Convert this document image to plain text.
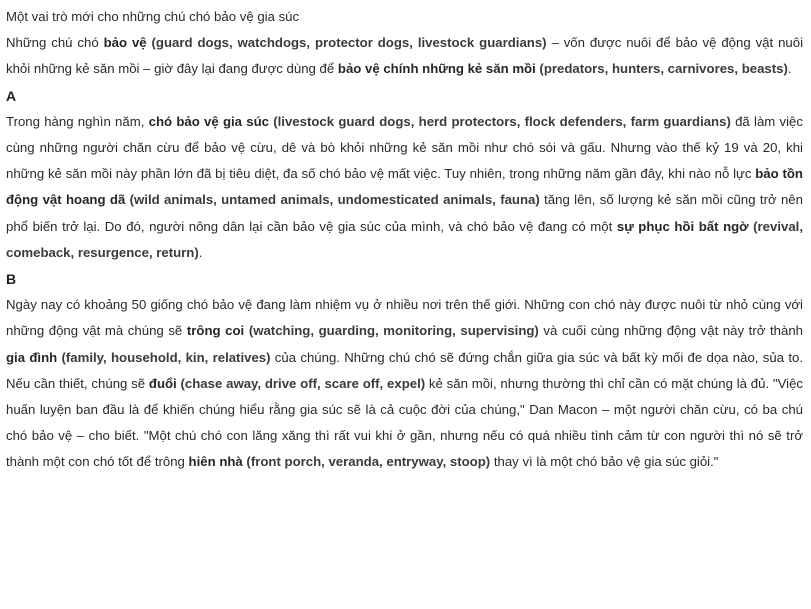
Một vai trò mới cho những chú chó bảo vệ gia súc

Những chú chó bảo vệ (guard dogs, watchdogs, protector dogs, livestock guardians) – vốn được nuôi để bảo vệ động vật nuôi khỏi những kẻ săn mồi – giờ đây lại đang được dùng để bảo vệ chính những kẻ săn mồi (predators, hunters, carnivores, beasts).

A

Trong hàng nghìn năm, chó bảo vệ gia súc (livestock guard dogs, herd protectors, flock defenders, farm guardians) đã làm việc cùng những người chăn cừu để bảo vệ cừu, dê và bò khỏi những kẻ săn mồi như chó sói và gấu. Nhưng vào thế kỷ 19 và 20, khi những kẻ săn mồi này phần lớn đã bị tiêu diệt, đa số chó bảo vệ mất việc. Tuy nhiên, trong những năm gần đây, khi nào nỗ lực bảo tồn động vật hoang dã (wild animals, untamed animals, undomesticated animals, fauna) tăng lên, số lượng kẻ săn mồi cũng trở nên phổ biến trở lại. Do đó, người nông dân lại cần bảo vệ gia súc của mình, và chó bảo vệ đang có một sự phục hồi bất ngờ (revival, comeback, resurgence, return).

B

Ngày nay có khoảng 50 giống chó bảo vệ đang làm nhiệm vụ ở nhiều nơi trên thế giới. Những con chó này được nuôi từ nhỏ cùng với những động vật mà chúng sẽ trông coi (watching, guarding, monitoring, supervising) và cuối cùng những động vật này trở thành gia đình (family, household, kin, relatives) của chúng. Những chú chó sẽ đứng chắn giữa gia súc và bất kỳ mối đe dọa nào, sủa to. Nếu cần thiết, chúng sẽ đuổi (chase away, drive off, scare off, expel) kẻ săn mồi, nhưng thường thì chỉ cần có mặt chúng là đủ. "Việc huấn luyện ban đầu là để khiến chúng hiểu rằng gia súc sẽ là cả cuộc đời của chúng," Dan Macon – một người chăn cừu, có ba chú chó bảo vệ – cho biết. "Một chú chó con lăng xăng thì rất vui khi ở gần, nhưng nếu có quá nhiều tình cảm từ con người thì nó sẽ trở thành một con chó tốt để trông hiên nhà (front porch, veranda, entryway, stoop) thay vì là một chó bảo vệ gia súc giỏi."
